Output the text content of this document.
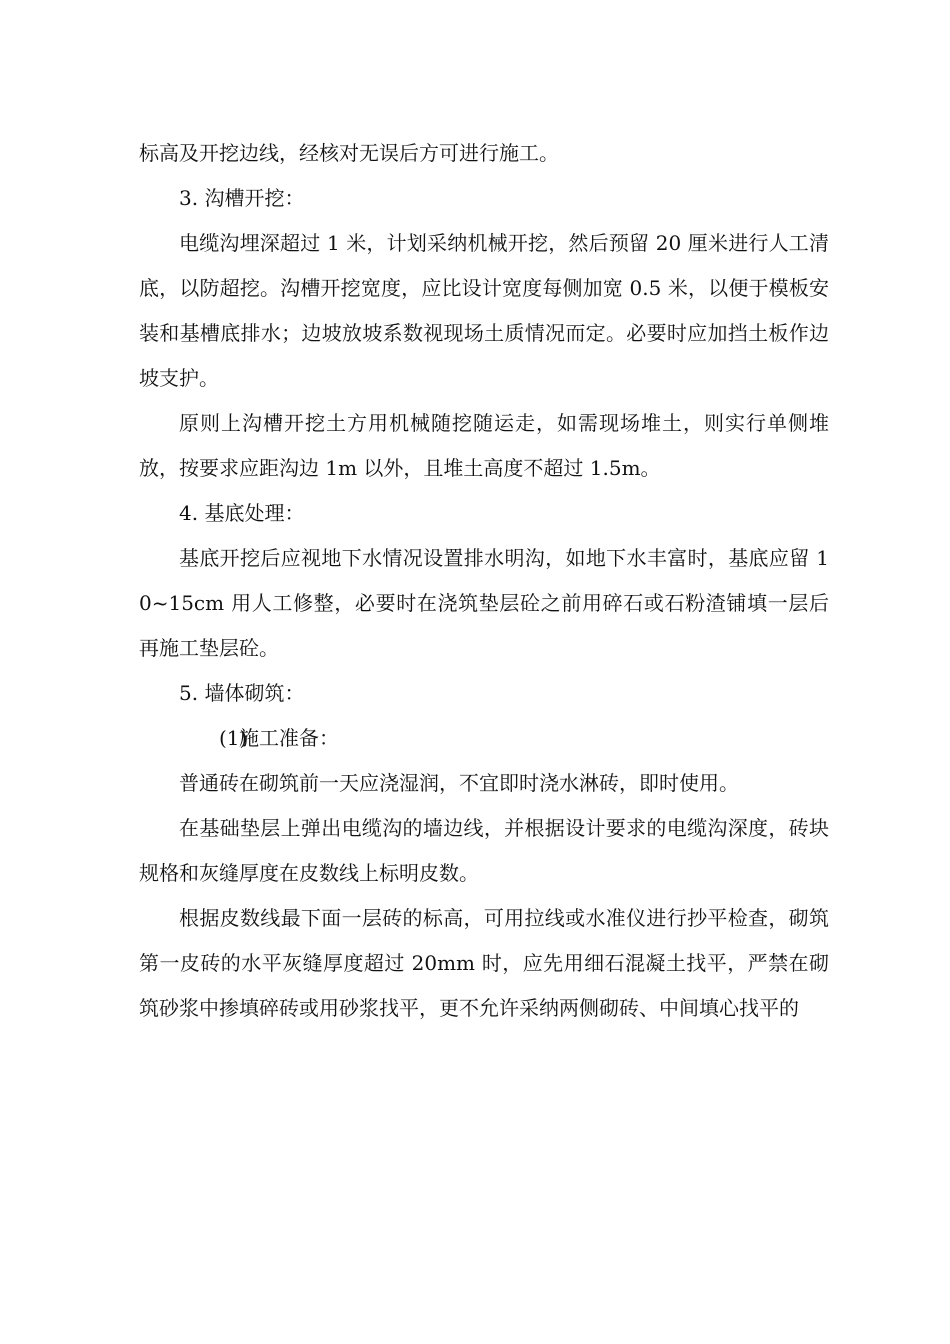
标高及开挖边线，经核对无误后方可进行施工。

3. 沟槽开挖：

电缆沟埋深超过 1 米，计划采纳机械开挖，然后预留 20 厘米进行人工清底，以防超挖。沟槽开挖宽度，应比设计宽度每侧加宽 0.5 米，以便于模板安装和基槽底排水；边坡放坡系数视现场土质情况而定。必要时应加挡土板作边坡支护。

原则上沟槽开挖土方用机械随挖随运走，如需现场堆土，则实行单侧堆放，按要求应距沟边 1m 以外，且堆土高度不超过 1.5m。

4. 基底处理：

基底开挖后应视地下水情况设置排水明沟，如地下水丰富时，基底应留 10~15cm 用人工修整，必要时在浇筑垫层砼之前用碎石或石粉渣铺填一层后再施工垫层砼。

5. 墙体砌筑：

(1)施工准备：

普通砖在砌筑前一天应浇湿润，不宜即时浇水淋砖，即时使用。

在基础垫层上弹出电缆沟的墙边线，并根据设计要求的电缆沟深度，砖块规格和灰缝厚度在皮数线上标明皮数。

根据皮数线最下面一层砖的标高，可用拉线或水准仪进行抄平检查，砌筑第一皮砖的水平灰缝厚度超过 20mm 时，应先用细石混凝土找平，严禁在砌筑砂浆中掺填碎砖或用砂浆找平，更不允许采纳两侧砌砖、中间填心找平的
